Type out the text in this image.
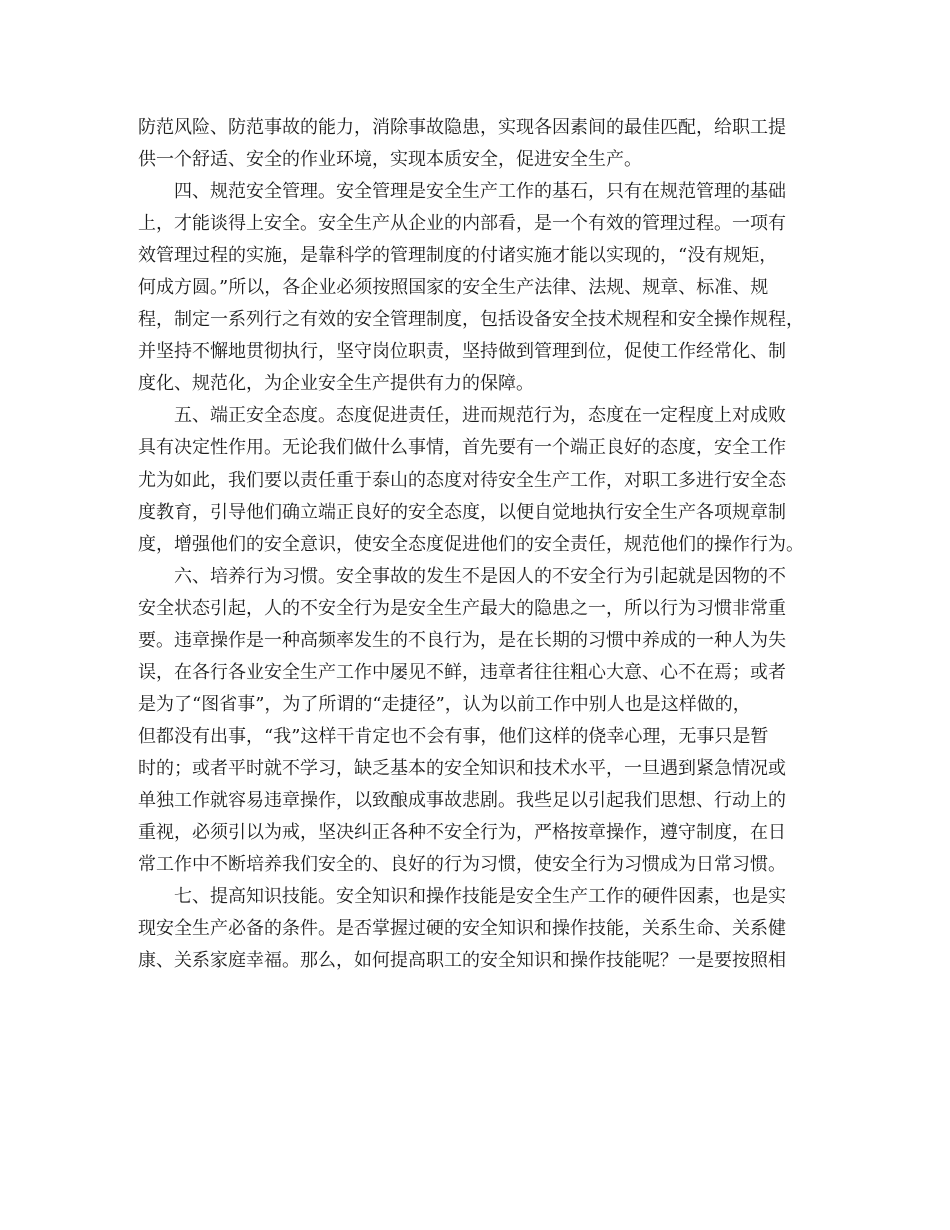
防范风险、防范事故的能力，消除事故隐患，实现各因素间的最佳匹配，给职工提
供一个舒适、安全的作业环境，实现本质安全，促进安全生产。
四、规范安全管理。安全管理是安全生产工作的基石，只有在规范管理的基础
上，才能谈得上安全。安全生产从企业的内部看，是一个有效的管理过程。一项有
效管理过程的实施，是靠科学的管理制度的付诸实施才能以实现的，“没有规矩，
何成方圆。”所以，各企业必须按照国家的安全生产法律、法规、规章、标准、规
程，制定一系列行之有效的安全管理制度，包括设备安全技术规程和安全操作规程，
并坚持不懈地贯彻执行，坚守岗位职责，坚持做到管理到位，促使工作经常化、制
度化、规范化，为企业安全生产提供有力的保障。
五、端正安全态度。态度促进责任，进而规范行为，态度在一定程度上对成败
具有决定性作用。无论我们做什么事情，首先要有一个端正良好的态度，安全工作
尤为如此，我们要以责任重于泰山的态度对待安全生产工作，对职工多进行安全态
度教育，引导他们确立端正良好的安全态度，以便自觉地执行安全生产各项规章制
度，增强他们的安全意识，使安全态度促进他们的安全责任，规范他们的操作行为。
六、培养行为习惯。安全事故的发生不是因人的不安全行为引起就是因物的不
安全状态引起，人的不安全行为是安全生产最大的隐患之一，所以行为习惯非常重
要。违章操作是一种高频率发生的不良行为，是在长期的习惯中养成的一种人为失
误，在各行各业安全生产工作中屡见不鲜，违章者往往粗心大意、心不在焉；或者
是为了“图省事”，为了所谓的“走捷径”，认为以前工作中别人也是这样做的，
但都没有出事，“我”这样干肯定也不会有事，他们这样的侥幸心理，无事只是暂
时的；或者平时就不学习，缺乏基本的安全知识和技术水平，一旦遇到紧急情况或
单独工作就容易违章操作，以致酿成事故悲剧。我些足以引起我们思想、行动上的
重视，必须引以为戒，坚决纠正各种不安全行为，严格按章操作，遵守制度，在日
常工作中不断培养我们安全的、良好的行为习惯，使安全行为习惯成为日常习惯。
七、提高知识技能。安全知识和操作技能是安全生产工作的硬件因素，也是实
现安全生产必备的条件。是否掌握过硬的安全知识和操作技能，关系生命、关系健
康、关系家庭幸福。那么，如何提高职工的安全知识和操作技能呢？一是要按照相
